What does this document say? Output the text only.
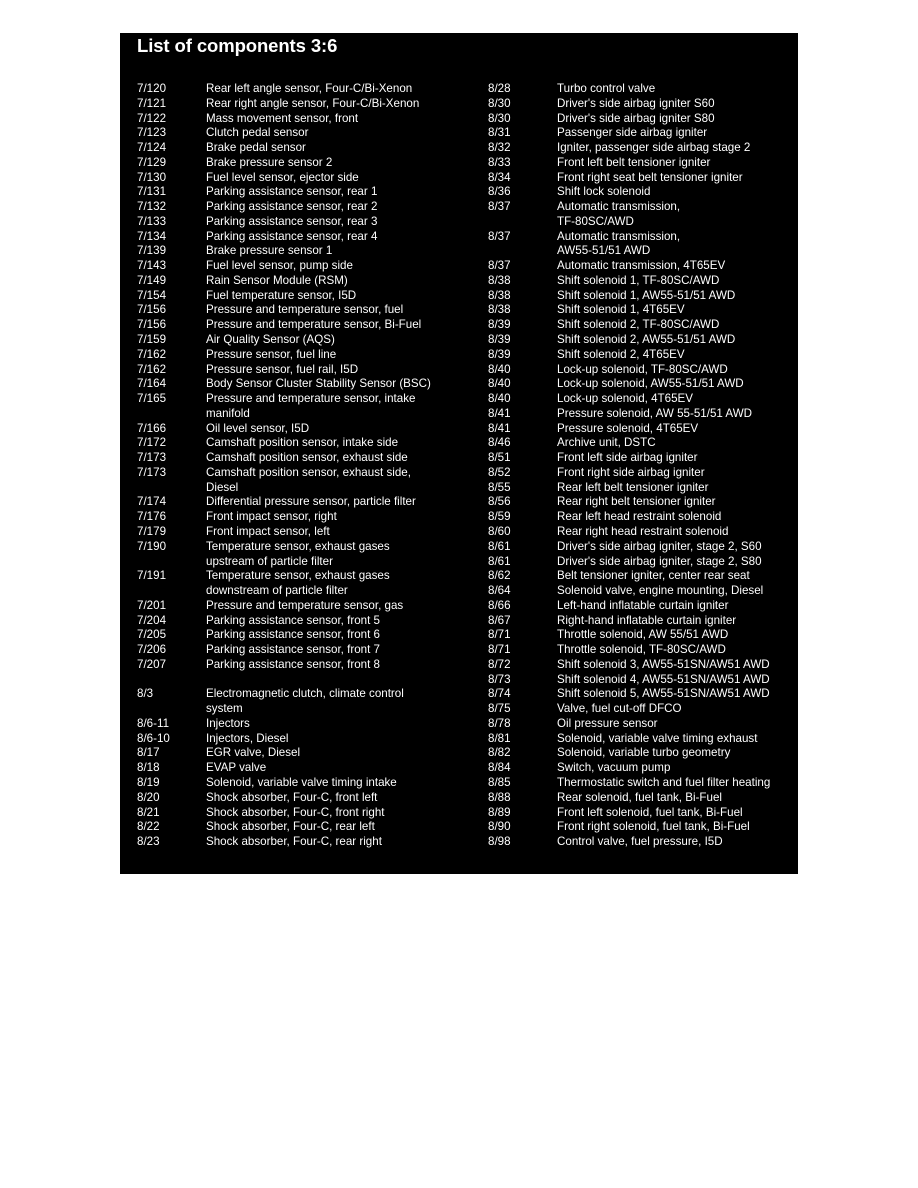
List of components 3:6
7/120	Rear left angle sensor, Four-C/Bi-Xenon
7/121	Rear right angle sensor, Four-C/Bi-Xenon
7/122	Mass movement sensor, front
7/123	Clutch pedal sensor
7/124	Brake pedal sensor
7/129	Brake pressure sensor 2
7/130	Fuel level sensor, ejector side
7/131	Parking assistance sensor, rear 1
7/132	Parking assistance sensor, rear 2
7/133	Parking assistance sensor, rear 3
7/134	Parking assistance sensor, rear 4
7/139	Brake pressure sensor 1
7/143	Fuel level sensor, pump side
7/149	Rain Sensor Module (RSM)
7/154	Fuel temperature sensor, I5D
7/156	Pressure and temperature sensor, fuel
7/156	Pressure and temperature sensor, Bi-Fuel
7/159	Air Quality Sensor (AQS)
7/162	Pressure sensor, fuel line
7/162	Pressure sensor, fuel rail, I5D
7/164	Body Sensor Cluster Stability Sensor (BSC)
7/165	Pressure and temperature sensor, intake
manifold
7/166	Oil level sensor, I5D
7/172	Camshaft position sensor, intake side
7/173	Camshaft position sensor, exhaust side
7/173	Camshaft position sensor, exhaust side,
Diesel
7/174	Differential pressure sensor, particle filter
7/176	Front impact sensor, right
7/179	Front impact sensor, left
7/190	Temperature sensor, exhaust gases
upstream of particle filter
7/191	Temperature sensor, exhaust gases
downstream of particle filter
7/201	Pressure and temperature sensor, gas
7/204	Parking assistance sensor, front 5
7/205	Parking assistance sensor, front 6
7/206	Parking assistance sensor, front 7
7/207	Parking assistance sensor, front 8
8/3	Electromagnetic clutch, climate control
system
8/6-11	Injectors
8/6-10	Injectors, Diesel
8/17	EGR valve, Diesel
8/18	EVAP valve
8/19	Solenoid, variable valve timing intake
8/20	Shock absorber, Four-C, front left
8/21	Shock absorber, Four-C, front right
8/22	Shock absorber, Four-C, rear left
8/23	Shock absorber, Four-C, rear right
8/28	Turbo control valve
8/30	Driver's side airbag igniter S60
8/30	Driver's side airbag igniter S80
8/31	Passenger side airbag igniter
8/32	Igniter, passenger side airbag stage 2
8/33	Front left belt tensioner igniter
8/34	Front right seat belt tensioner igniter
8/36	Shift lock solenoid
8/37	Automatic transmission,
TF-80SC/AWD
8/37	Automatic transmission,
AW55-51/51 AWD
8/37	Automatic transmission, 4T65EV
8/38	Shift solenoid 1, TF-80SC/AWD
8/38	Shift solenoid 1, AW55-51/51 AWD
8/38	Shift solenoid 1, 4T65EV
8/39	Shift solenoid 2, TF-80SC/AWD
8/39	Shift solenoid 2, AW55-51/51 AWD
8/39	Shift solenoid 2, 4T65EV
8/40	Lock-up solenoid, TF-80SC/AWD
8/40	Lock-up solenoid, AW55-51/51 AWD
8/40	Lock-up solenoid, 4T65EV
8/41	Pressure solenoid, AW 55-51/51 AWD
8/41	Pressure solenoid, 4T65EV
8/46	Archive unit, DSTC
8/51	Front left side airbag igniter
8/52	Front right side airbag igniter
8/55	Rear left belt tensioner igniter
8/56	Rear right belt tensioner igniter
8/59	Rear left head restraint solenoid
8/60	Rear right head restraint solenoid
8/61	Driver's side airbag igniter, stage 2, S60
8/61	Driver's side airbag igniter, stage 2, S80
8/62	Belt tensioner igniter, center rear seat
8/64	Solenoid valve, engine mounting, Diesel
8/66	Left-hand inflatable curtain igniter
8/67	Right-hand inflatable curtain igniter
8/71	Throttle solenoid, AW 55/51 AWD
8/71	Throttle solenoid, TF-80SC/AWD
8/72	Shift solenoid 3, AW55-51SN/AW51 AWD
8/73	Shift solenoid 4, AW55-51SN/AW51 AWD
8/74	Shift solenoid 5, AW55-51SN/AW51 AWD
8/75	Valve, fuel cut-off DFCO
8/78	Oil pressure sensor
8/81	Solenoid, variable valve timing exhaust
8/82	Solenoid, variable turbo geometry
8/84	Switch, vacuum pump
8/85	Thermostatic switch and fuel filter heating
8/88	Rear solenoid, fuel tank, Bi-Fuel
8/89	Front left solenoid, fuel tank, Bi-Fuel
8/90	Front right solenoid, fuel tank, Bi-Fuel
8/98	Control valve, fuel pressure, I5D
